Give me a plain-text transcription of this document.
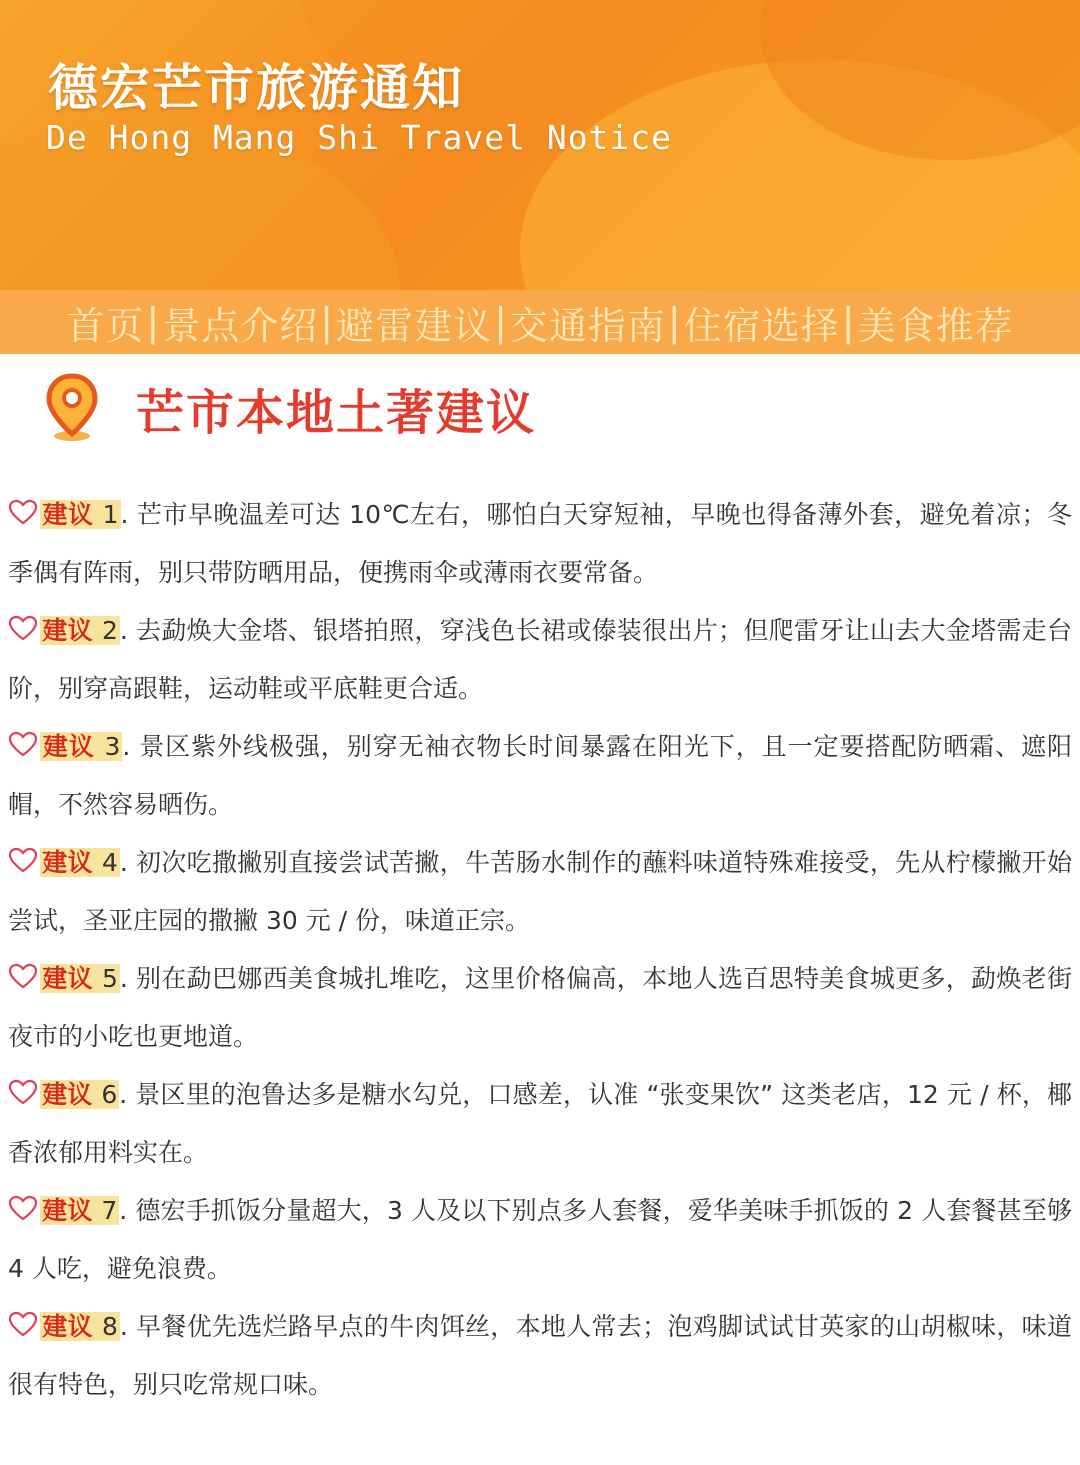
德宏芒市旅游通知

De Hong Mang Shi Travel Notice

首页 | 景点介绍 | 避雷建议 | 交通指南 | 住宿选择 | 美食推荐
芒市本地土著建议

建议 1. 芒市早晚温差可达 10℃左右，哪怕白天穿短袖，早晚也得备薄外套，避免着凉；冬季偶有阵雨，别只带防晒用品，便携雨伞或薄雨衣要常备。

建议 2. 去勐焕大金塔、银塔拍照，穿浅色长裙或傣装很出片；但爬雷牙让山去大金塔需走台阶，别穿高跟鞋，运动鞋或平底鞋更合适。

建议 3. 景区紫外线极强，别穿无袖衣物长时间暴露在阳光下，且一定要搭配防晒霜、遮阳帽，不然容易晒伤。

建议 4. 初次吃撒撇别直接尝试苦撇，牛苦肠水制作的蘸料味道特殊难接受，先从柠檬撇开始尝试，圣亚庄园的撒撇 30 元 / 份，味道正宗。

建议 5. 别在勐巴娜西美食城扎堆吃，这里价格偏高，本地人选百思特美食城更多，勐焕老街夜市的小吃也更地道。

建议 6. 景区里的泡鲁达多是糖水勾兑，口感差，认准 “张变果饮” 这类老店，12 元 / 杯，椰香浓郁用料实在。

建议 7. 德宏手抓饭分量超大，3 人及以下别点多人套餐，爱华美味手抓饭的 2 人套餐甚至够 4 人吃，避免浪费。

建议 8. 早餐优先选烂路早点的牛肉饵丝，本地人常去；泡鸡脚试试甘英家的山胡椒味，味道很有特色，别只吃常规口味。
